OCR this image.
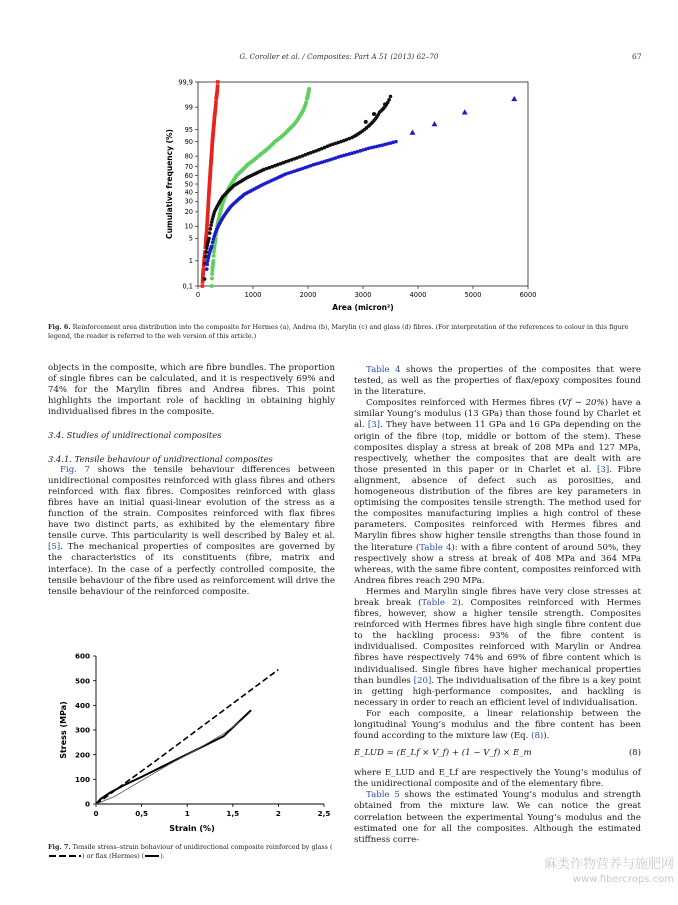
G. Coroller et al. / Composites: Part A 51 (2013) 62–70	67
0,1
1
5
10
20
30
40
50
60
70
80
90
95
99
99,9
0	1000	2000	3000	4000	5000	6000
Cumulative frequency (%)
Area (micron²)
Fig. 6. Reinforcement area distribution into the composite for Hermes (a), Andrea (b), Marylin (c) and glass (d) fibres. (For interpretation of the references to colour in this figure legend, the reader is referred to the web version of this article.)

objects in the composite, which are fibre bundles. The proportion of single fibres can be calculated, and it is respectively 69% and 74% for the Marylin fibres and Andrea fibres. This point highlights the important role of hackling in obtaining highly individualised fibres in the composite.

3.4. Studies of unidirectional composites

3.4.1. Tensile behaviour of unidirectional composites

Fig. 7 shows the tensile behaviour differences between unidirectional composites reinforced with glass fibres and others reinforced with flax fibres. Composites reinforced with glass fibres have an initial quasi-linear evolution of the stress as a function of the strain. Composites reinforced with flax fibres have two distinct parts, as exhibited by the elementary fibre tensile curve. This particularity is well described by Baley et al. [5]. The mechanical properties of composites are governed by the characteristics of its constituents (fibre, matrix and interface). In the case of a perfectly controlled composite, the tensile behaviour of the fibre used as reinforcement will drive the tensile behaviour of the reinforced composite.

0
100
200
300
400
500
600
0	0,5	1	1,5	2	2,5
Stress (MPa)
Strain (%)
Fig. 7. Tensile stress–strain behaviour of unidirectional composite reinforced by glass () or flax (Hermes) (	).

Table 4 shows the properties of the composites that were tested, as well as the properties of flax/epoxy composites found in the literature.

Composites reinforced with Hermes fibres (Vf ∼ 20%) have a similar Young’s modulus (13 GPa) than those found by Charlet et al. [3]. They have between 11 GPa and 16 GPa depending on the origin of the fibre (top, middle or bottom of the stem). These composites display a stress at break of 208 MPa and 127 MPa, respectively, whether the composites that are dealt with are those presented in this paper or in Charlet et al. [3]. Fibre alignment, absence of defect such as porosities, and homogeneous distribution of the fibres are key parameters in optimising the composites tensile strength. The method used for the composites manufacturing implies a high control of these parameters. Composites reinforced with Hermes fibres and Marylin fibres show higher tensile strengths than those found in the literature (Table 4): with a fibre content of around 50%, they respectively show a stress at break of 408 MPa and 364 MPa whereas, with the same fibre content, composites reinforced with Andrea fibres reach 290 MPa.

Hermes and Marylin single fibres have very close stresses at break break (Table 2). Composites reinforced with Hermes fibres, however, show a higher tensile strength. Composites reinforced with Hermes fibres have high single fibre content due to the hackling process: 93% of the fibre content is individualised. Composites reinforced with Marylin or Andrea fibres have respectively 74% and 69% of fibre content which is individualised. Single fibres have higher mechanical properties than bundles [20]. The individualisation of the fibre is a key point in getting high-performance composites, and hackling is necessary in order to reach an efficient level of individualisation.

For each composite, a linear relationship between the longitudinal Young’s modulus and the fibre content has been found according to the mixture law (Eq. (8)).

E_LUD = (E_Lf × V_f) + (1 − V_f) × E_m	(8)

where E_LUD and E_Lf are respectively the Young’s modulus of the unidirectional composite and of the elementary fibre.

Table 5 shows the estimated Young’s modulus and strength obtained from the mixture law. We can notice the great correlation between the experimental Young’s modulus and the estimated one for all the composites. Although the estimated stiffness corre-

麻类作物营养与施肥网
www.fibercrops.com
